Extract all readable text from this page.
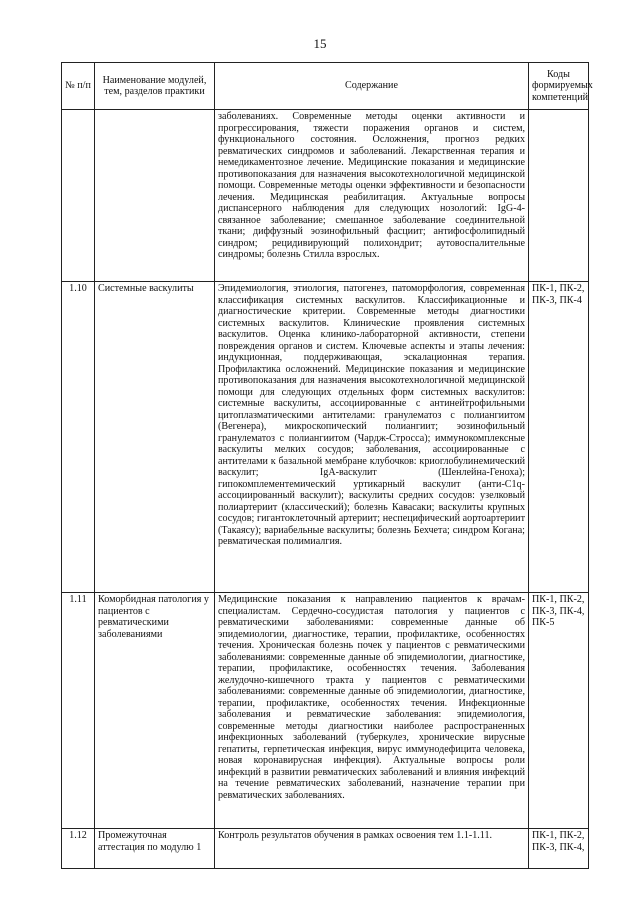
15
№ п/п	Наименование модулей, тем, разделов практики	Содержание	Коды формируемых компетенций
		заболеваниях. Современные методы оценки активности и прогрессирования, тяжести поражения органов и систем, функционального состояния. Осложнения, прогноз редких ревматических синдромов и заболеваний. Лекарственная терапия и немедикаментозное лечение. Медицинские показания и медицинские противопоказания для назначения высокотехнологичной медицинской помощи. Современные методы оценки эффективности и безопасности лечения. Медицинская реабилитация. Актуальные вопросы диспансерного наблюдения для следующих нозологий: IgG-4-связанное заболевание; смешанное заболевание соединительной ткани; диффузный эозинофильный фасциит; антифосфолипидный синдром; рецидивирующий полихондрит; аутовоспалительные синдромы; болезнь Стилла взрослых.	
1.10	Системные васкулиты	Эпидемиология, этиология, патогенез, патоморфология, современная классификация системных васкулитов. Классификационные и диагностические критерии. Современные методы диагностики системных васкулитов. Клинические проявления системных васкулитов. Оценка клинико-лабораторной активности, степени повреждения органов и систем. Ключевые аспекты и этапы лечения: индукционная, поддерживающая, эскалационная терапия. Профилактика осложнений. Медицинские показания и медицинские противопоказания для назначения высокотехнологичной медицинской помощи для следующих отдельных форм системных васкулитов: системные васкулиты, ассоциированные с антинейтрофильными цитоплазматическими антителами: гранулематоз с полиангиитом (Вегенера), микроскопический полиангиит; эозинофильный гранулематоз с полиангиитом (Чардж-Стросса); иммунокомплексные васкулиты мелких сосудов; заболевания, ассоциированные с антителами к базальной мембране клубочков: криоглобулинемический васкулит; IgA-васкулит (Шенлейна-Геноха); гипокомплементемический уртикарный васкулит (анти-C1q-ассоциированный васкулит); васкулиты средних сосудов: узелковый полиартериит (классический); болезнь Кавасаки; васкулиты крупных сосудов; гигантоклеточный артериит; неспецифический аортоартериит (Такаясу); вариабельные васкулиты; болезнь Бехчета; синдром Когана; ревматическая полимиалгия.	ПК-1, ПК-2, ПК-3, ПК-4
1.11	Коморбидная патология у пациентов с ревматическими заболеваниями	Медицинские показания к направлению пациентов к врачам-специалистам. Сердечно-сосудистая патология у пациентов с ревматическими заболеваниями: современные данные об эпидемиологии, диагностике, терапии, профилактике, особенностях течения. Хроническая болезнь почек у пациентов с ревматическими заболеваниями: современные данные об эпидемиологии, диагностике, терапии, профилактике, особенностях течения. Заболевания желудочно-кишечного тракта у пациентов с ревматическими заболеваниями: современные данные об эпидемиологии, диагностике, терапии, профилактике, особенностях течения. Инфекционные заболевания и ревматические заболевания: эпидемиология, современные методы диагностики наиболее распространенных инфекционных заболеваний (туберкулез, хронические вирусные гепатиты, герпетическая инфекция, вирус иммунодефицита человека, новая коронавирусная инфекция). Актуальные вопросы роли инфекций в развитии ревматических заболеваний и влияния инфекций на течение ревматических заболеваний, назначение терапии при ревматических заболеваниях.	ПК-1, ПК-2, ПК-3, ПК-4, ПК-5
1.12	Промежуточная аттестация по модулю 1	Контроль результатов обучения в рамках освоения тем 1.1-1.11.	ПК-1, ПК-2, ПК-3, ПК-4,
